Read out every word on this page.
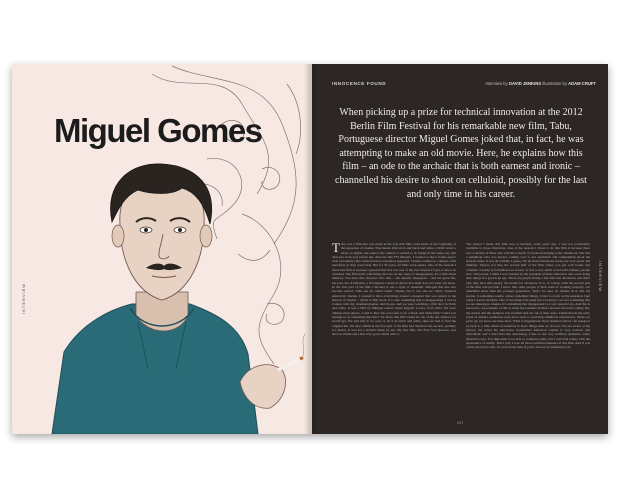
Miguel Gomes
INTERVIEW
INNOCENCE FOUND	Interview by DAVID JENKINS Illustration by ADAM CRUFT
When picking up a prize for technical innovation at the 2012 Berlin Film Festival for his remarkable new film, Tabu, Portuguese director Miguel Gomes joked that, in fact, he was attempting to make an old movie. Here, he explains how this film – an ode to the archaic that is both earnest and ironic – channelled his desire to shoot on celluloid, possibly for the last and only time in his career.
INTERVIEW

Tabu was a film that was made in the way that films were made at the beginning of the apparatus of cinema. That means film stock and black and white. I didn't want to shoot on digital and remove the camera. I wanted to do things in the same way that directors from way before me, directors like FW Murnau. I wanted to shoot in this aspect ratio (Academy) that existed before television appeared. Cinema wanted to compete with television so they went wide. But for 30 years, all films were square. One of the reasons I made this film is because I guessed that this was one of the last chances I'd get to shoot on celluloid. The film deals with things that are on the verge of disappearing. It's a film about memory. You have this character who dies – she literally disappears – and her great life, her past, her civilisation, a Portuguese colony in Africa that itself does not exist any more. In the first part of the film I decided to use a style of cinematic dialogue that has also become extinct. This can be called 'silent' cinema, but it can also be called 'classical American' cinema. I wanted to have everything around a material that was central to the history of cinema – which is film stock. It is also something that is disappearing. I was in Cannes with my cinematographer, Rui Poças, and we were watching a film shot in black and white. It was a film by Philippe Garrel called Regular Lovers, from 2005. We were talking about ghosts. I said to Rui, 'Do you want to do a black and white film? Could you manage to do something like this?' We knew this film would be one of the last chances we would get. We said that if we were to do it in black and white, then we had to find the original ink. We shot 16mm in the first part of the film and 35mm in the second, partially for choice. It was not a stylistic thing for me. My first film, The Face You Deserve, was shot on 16mm and I had very good results with it.

The reason I made this film now is because, some years ago, I was not particularly available to those characters. One of the reasons I chose to do this film is because there was a relative of mine who told me a bunch of stories belonging to her childhood. She had a neighbour who was always coming over to her apartment and complaining about the African maid. It was all bullshit, I guess. Yet all those ridiculous stories are very sweet and intimate. They're not like the second half of the film where you get rock bands and romantic comedy in forbidden love stories. It was a very small world with ordinary people in it. Old people. I think I was touched by the potential of these characters who were doing silly things in a grown-up age. These are people living a life with real adventure, and that's why they have this energy. We dream for adventure. It is, of course, what the second part of the film will provide. I know that older people, if their brain is working properly, can remember more than the younger generation. That's for sure. In cinema as in life old people, it sometimes seems, cannot remember things. I tried to touch on the sensation I get when I watch old films. One of the things I'm really into is trying to recover something that we are missing in cinema. It's something that disappeared in a very natural way. And this is innocence. An example of this is when the Lumière brothers showed the train coming into the station and the audience was terrified and ran out of their seats. I think that in the early years of cinema, audiences were more open to receiving childhood experiences. When we grow up, we loose our innocence. What is magnificent about cinema is that it can transport us back to a time when we believed in more things than we do now. We are aware of the history, but never the innocence. Sometimes American cinema is very realistic and naturalistic and I don't find that interesting. I like to use very artificial elements, really theatrical ones. It is important to be able to compare reality, but I can't feel reality with the appearance of reality. That's why I love all those artificial elements in this film. And if you can be moved by that, it's even better than if you're moved by something real.

047
